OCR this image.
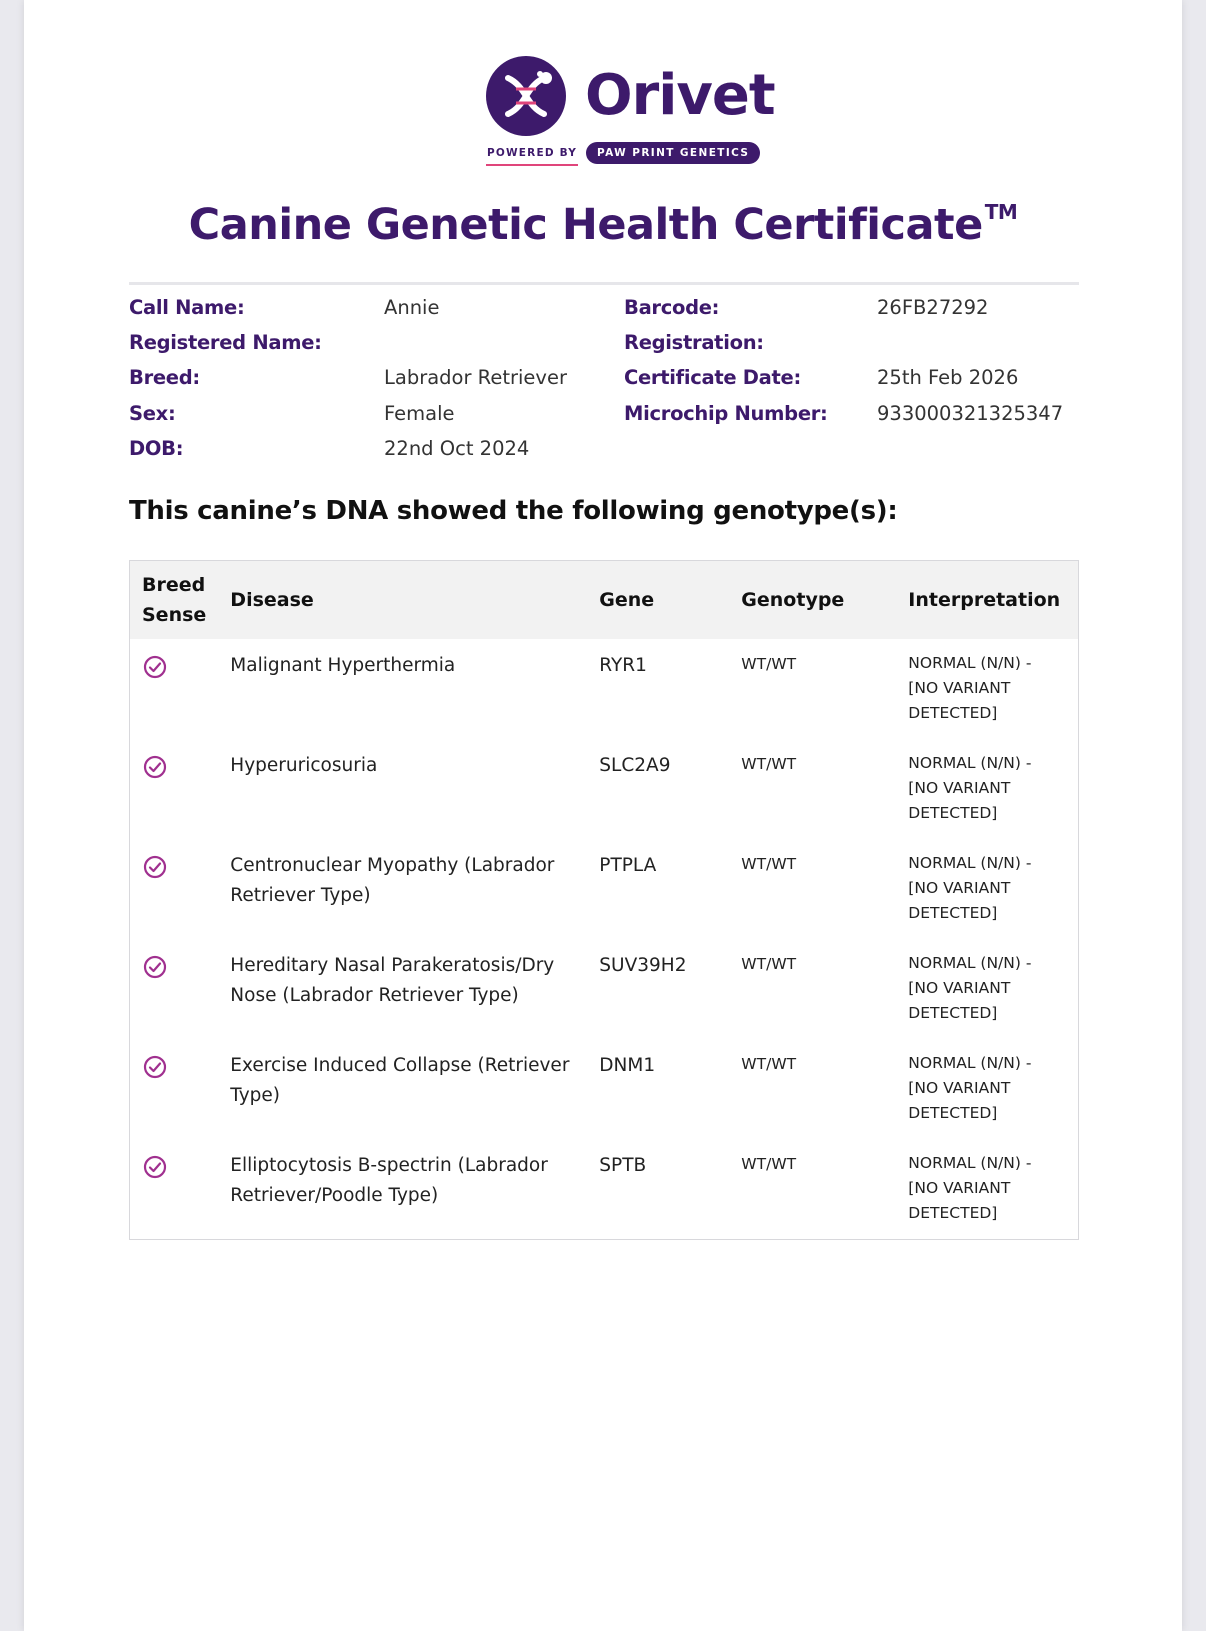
Orivet
POWERED BY	PAW PRINT GENETICS
Canine Genetic Health Certificate ™
Call Name:	Annie
Registered Name:
Breed:	Labrador Retriever
Sex:	Female
DOB:	22nd Oct 2024
Barcode:	26FB27292
Registration:
Certificate Date:	25th Feb 2026
Microchip Number:	933000321325347
This canine’s DNA showed the following genotype(s):
Breed
Sense	Disease	Gene	Genotype	Interpretation
	Malignant Hyperthermia	RYR1	WT/WT	NORMAL (N/N) -
[NO VARIANT
DETECTED]
	Hyperuricosuria	SLC2A9	WT/WT	NORMAL (N/N) -
[NO VARIANT
DETECTED]
	Centronuclear Myopathy (Labrador Retriever Type)	PTPLA	WT/WT	NORMAL (N/N) -
[NO VARIANT
DETECTED]
	Hereditary Nasal Parakeratosis/Dry Nose (Labrador Retriever Type)	SUV39H2	WT/WT	NORMAL (N/N) -
[NO VARIANT
DETECTED]
	Exercise Induced Collapse (Retriever Type)	DNM1	WT/WT	NORMAL (N/N) -
[NO VARIANT
DETECTED]
	Elliptocytosis B-spectrin (Labrador Retriever/Poodle Type)	SPTB	WT/WT	NORMAL (N/N) -
[NO VARIANT
DETECTED]
